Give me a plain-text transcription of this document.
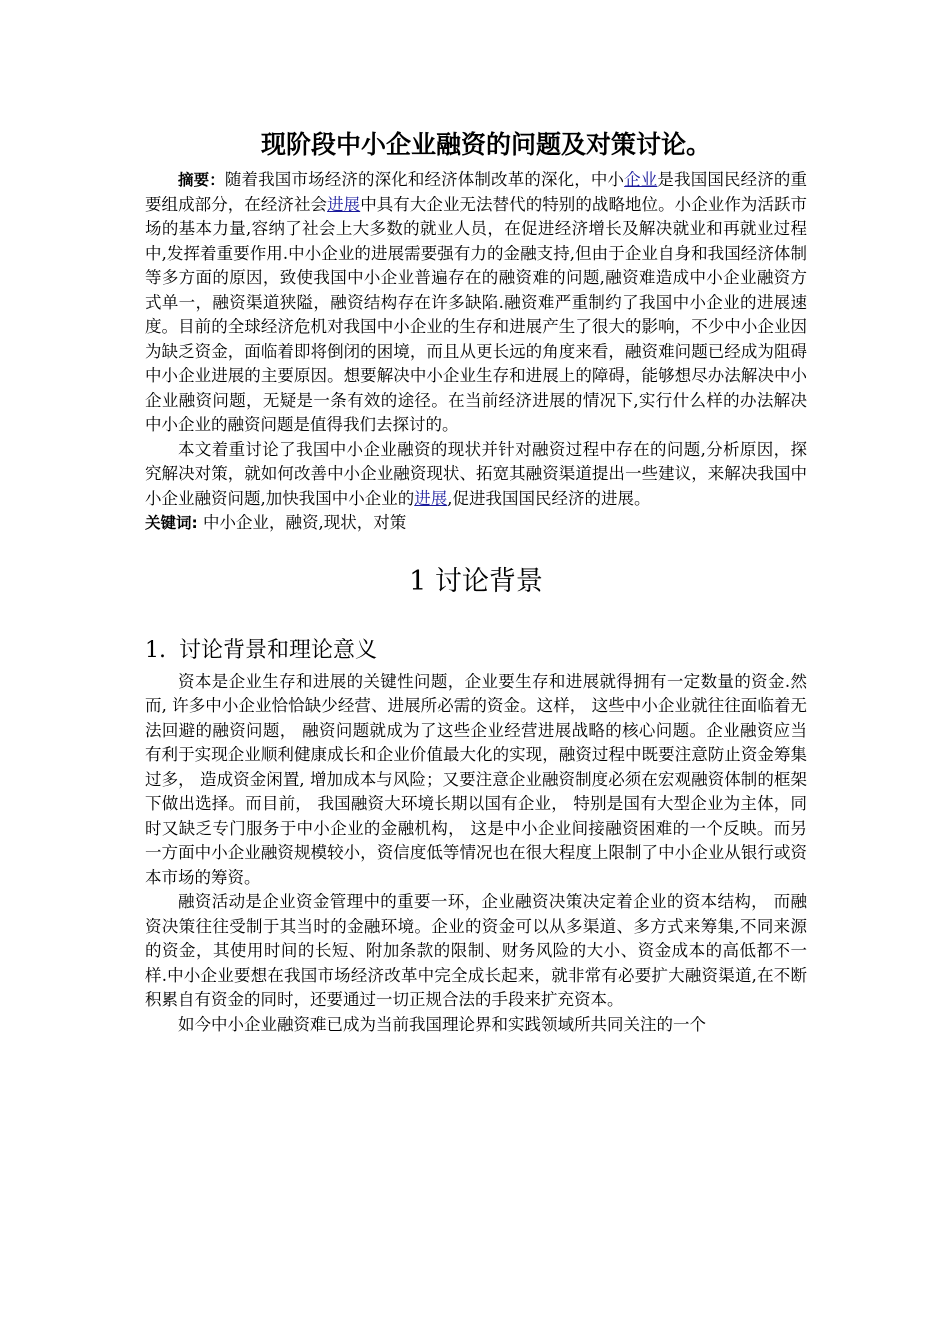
现阶段中小企业融资的问题及对策讨论。

摘要：随着我国市场经济的深化和经济体制改革的深化，中小企业是我国国民经济的重要组成部分，在经济社会进展中具有大企业无法替代的特别的战略地位。小企业作为活跃市场的基本力量,容纳了社会上大多数的就业人员，在促进经济增长及解决就业和再就业过程中,发挥着重要作用.中小企业的进展需要强有力的金融支持,但由于企业自身和我国经济体制等多方面的原因，致使我国中小企业普遍存在的融资难的问题,融资难造成中小企业融资方式单一，融资渠道狭隘，融资结构存在许多缺陷.融资难严重制约了我国中小企业的进展速度。目前的全球经济危机对我国中小企业的生存和进展产生了很大的影响，不少中小企业因为缺乏资金，面临着即将倒闭的困境，而且从更长远的角度来看，融资难问题已经成为阻碍中小企业进展的主要原因。想要解决中小企业生存和进展上的障碍，能够想尽办法解决中小企业融资问题，无疑是一条有效的途径。在当前经济进展的情况下,实行什么样的办法解决中小企业的融资问题是值得我们去探讨的。

本文着重讨论了我国中小企业融资的现状并针对融资过程中存在的问题,分析原因，探究解决对策，就如何改善中小企业融资现状、拓宽其融资渠道提出一些建议，来解决我国中小企业融资问题,加快我国中小企业的进展,促进我国国民经济的进展。

关键词: 中小企业，融资,现状，对策

1 讨论背景
1. 讨论背景和理论意义

资本是企业生存和进展的关键性问题，企业要生存和进展就得拥有一定数量的资金.然而, 许多中小企业恰恰缺少经营、进展所必需的资金。这样， 这些中小企业就往往面临着无法回避的融资问题， 融资问题就成为了这些企业经营进展战略的核心问题。企业融资应当有利于实现企业顺利健康成长和企业价值最大化的实现，融资过程中既要注意防止资金筹集过多， 造成资金闲置, 增加成本与风险；又要注意企业融资制度必须在宏观融资体制的框架下做出选择。而目前， 我国融资大环境长期以国有企业， 特别是国有大型企业为主体，同时又缺乏专门服务于中小企业的金融机构， 这是中小企业间接融资困难的一个反映。而另一方面中小企业融资规模较小，资信度低等情况也在很大程度上限制了中小企业从银行或资本市场的筹资。

融资活动是企业资金管理中的重要一环，企业融资决策决定着企业的资本结构， 而融资决策往往受制于其当时的金融环境。企业的资金可以从多渠道、多方式来筹集,不同来源的资金，其使用时间的长短、附加条款的限制、财务风险的大小、资金成本的高低都不一样.中小企业要想在我国市场经济改革中完全成长起来，就非常有必要扩大融资渠道,在不断积累自有资金的同时，还要通过一切正规合法的手段来扩充资本。

如今中小企业融资难已成为当前我国理论界和实践领域所共同关注的一个
